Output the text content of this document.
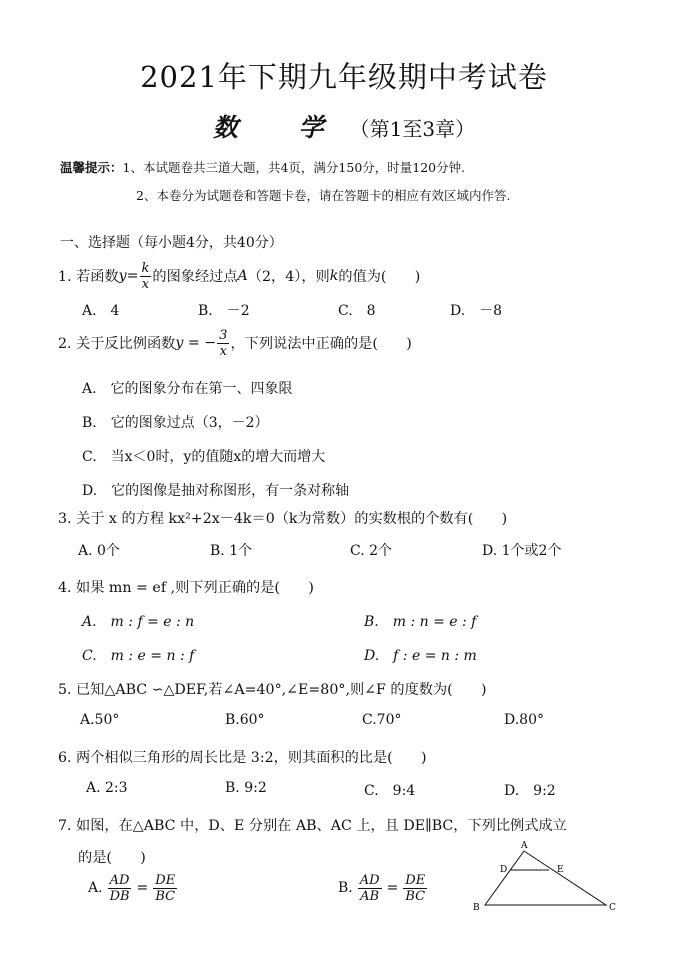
2021年下期九年级期中考试卷
数 学（第1至3章）
温馨提示：1、本试题卷共三道大题，共4页，满分150分，时量120分钟.
2、本卷分为试题卷和答题卡卷，请在答题卡的相应有效区域内作答.
一、选择题（每小题4分，共40分）
1. 若函数 $y = \frac{k}{x}$ 的图象经过点 A （2，4），则 k 的值为(　　)
A.　4	B.　－2	C.　8	D.　－8
2. 关于反比例函数 y = − $\frac{3}{x}$ ，下列说法中正确的是(　　)
A.　它的图象分布在第一、四象限
B.　它的图象过点（3，－2）
C.　当x＜0时，y的值随x的增大而增大
D.　它的图像是抽对称图形，有一条对称轴
3. 关于 x 的方程 kx²+2x－4k＝0（k为常数）的实数根的个数有(　　)
A. 0个	B. 1个	C. 2个	D. 1个或2个
4. 如果 mn = ef ,则下列正确的是(　　)
A.　m : f = e : n	B.　m : n = e : f
C.　m : e = n : f	D.　f : e = n : m
5. 已知△ABC ∽△DEF,若∠A=40°,∠E=80°,则∠F 的度数为(　　)
A.50°	B.60°	C.70°	D.80°
6. 两个相似三角形的周长比是 3:2，则其面积的比是(　　)
A. 2:3	B. 9:2	C.　9:4	D.　9:2
7. 如图，在△ABC 中，D、E 分别在 AB、AC 上，且 DE∥BC，下列比例式成立
的是(　　)
A. $\frac{AD}{DB} = \frac{DE}{BC}$	B. $\frac{AD}{AB} = \frac{DE}{BC}$
A
B	C
D	E
